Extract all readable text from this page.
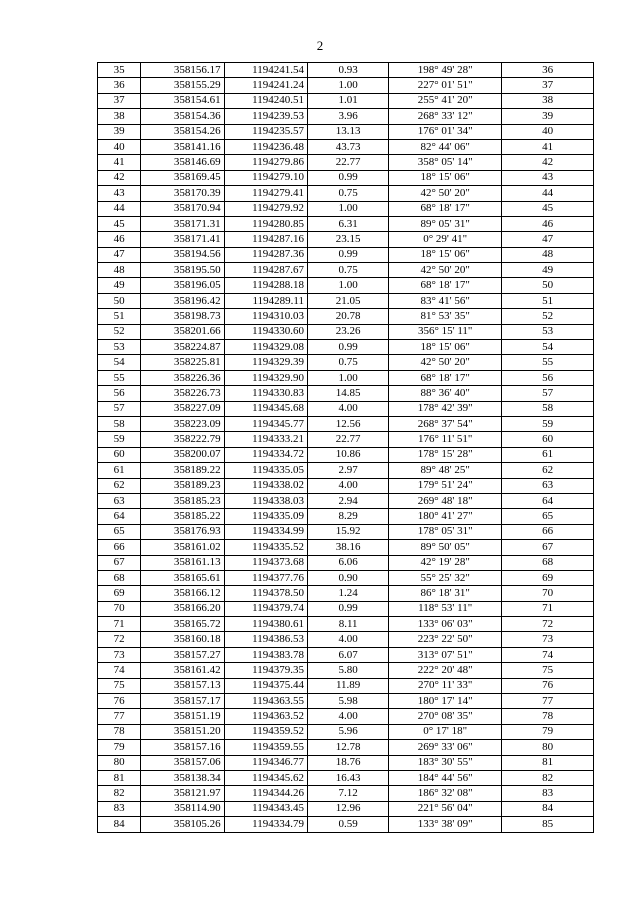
2
35	358156.17	1194241.54	0.93	198° 49' 28"	36
36	358155.29	1194241.24	1.00	227° 01' 51"	37
37	358154.61	1194240.51	1.01	255° 41' 20"	38
38	358154.36	1194239.53	3.96	268° 33' 12"	39
39	358154.26	1194235.57	13.13	176° 01' 34"	40
40	358141.16	1194236.48	43.73	82° 44' 06"	41
41	358146.69	1194279.86	22.77	358° 05' 14"	42
42	358169.45	1194279.10	0.99	18° 15' 06"	43
43	358170.39	1194279.41	0.75	42° 50' 20"	44
44	358170.94	1194279.92	1.00	68° 18' 17"	45
45	358171.31	1194280.85	6.31	89° 05' 31"	46
46	358171.41	1194287.16	23.15	0° 29' 41"	47
47	358194.56	1194287.36	0.99	18° 15' 06"	48
48	358195.50	1194287.67	0.75	42° 50' 20"	49
49	358196.05	1194288.18	1.00	68° 18' 17"	50
50	358196.42	1194289.11	21.05	83° 41' 56"	51
51	358198.73	1194310.03	20.78	81° 53' 35"	52
52	358201.66	1194330.60	23.26	356° 15' 11"	53
53	358224.87	1194329.08	0.99	18° 15' 06"	54
54	358225.81	1194329.39	0.75	42° 50' 20"	55
55	358226.36	1194329.90	1.00	68° 18' 17"	56
56	358226.73	1194330.83	14.85	88° 36' 40"	57
57	358227.09	1194345.68	4.00	178° 42' 39"	58
58	358223.09	1194345.77	12.56	268° 37' 54"	59
59	358222.79	1194333.21	22.77	176° 11' 51"	60
60	358200.07	1194334.72	10.86	178° 15' 28"	61
61	358189.22	1194335.05	2.97	89° 48' 25"	62
62	358189.23	1194338.02	4.00	179° 51' 24"	63
63	358185.23	1194338.03	2.94	269° 48' 18"	64
64	358185.22	1194335.09	8.29	180° 41' 27"	65
65	358176.93	1194334.99	15.92	178° 05' 31"	66
66	358161.02	1194335.52	38.16	89° 50' 05"	67
67	358161.13	1194373.68	6.06	42° 19' 28"	68
68	358165.61	1194377.76	0.90	55° 25' 32"	69
69	358166.12	1194378.50	1.24	86° 18' 31"	70
70	358166.20	1194379.74	0.99	118° 53' 11"	71
71	358165.72	1194380.61	8.11	133° 06' 03"	72
72	358160.18	1194386.53	4.00	223° 22' 50"	73
73	358157.27	1194383.78	6.07	313° 07' 51"	74
74	358161.42	1194379.35	5.80	222° 20' 48"	75
75	358157.13	1194375.44	11.89	270° 11' 33"	76
76	358157.17	1194363.55	5.98	180° 17' 14"	77
77	358151.19	1194363.52	4.00	270° 08' 35"	78
78	358151.20	1194359.52	5.96	0° 17' 18"	79
79	358157.16	1194359.55	12.78	269° 33' 06"	80
80	358157.06	1194346.77	18.76	183° 30' 55"	81
81	358138.34	1194345.62	16.43	184° 44' 56"	82
82	358121.97	1194344.26	7.12	186° 32' 08"	83
83	358114.90	1194343.45	12.96	221° 56' 04"	84
84	358105.26	1194334.79	0.59	133° 38' 09"	85
